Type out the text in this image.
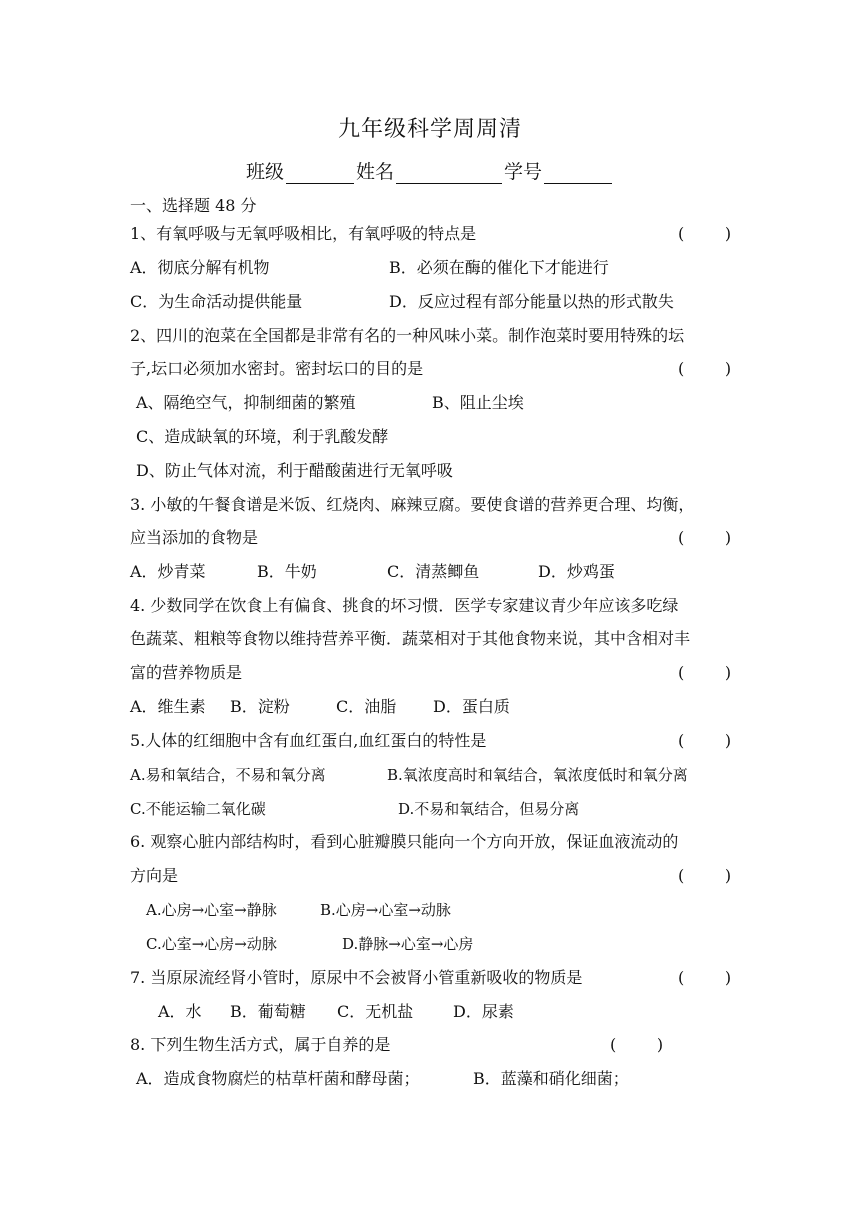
九年级科学周周清
班级	姓名	学号
一、选择题 48 分
1、有氧呼吸与无氧呼吸相比，有氧呼吸的特点是	(        )
A．彻底分解有机物	B．必须在酶的催化下才能进行
C．为生命活动提供能量	D．反应过程有部分能量以热的形式散失
2、四川的泡菜在全国都是非常有名的一种风味小菜。制作泡菜时要用特殊的坛
子,坛口必须加水密封。密封坛口的目的是	(        )
A、隔绝空气，抑制细菌的繁殖	B、阻止尘埃
C、造成缺氧的环境，利于乳酸发酵
D、防止气体对流，利于醋酸菌进行无氧呼吸
3. 小敏的午餐食谱是米饭、红烧肉、麻辣豆腐。要使食谱的营养更合理、均衡，
应当添加的食物是	(        )
A．炒青菜	B．牛奶	C．清蒸鲫鱼	D．炒鸡蛋
4. 少数同学在饮食上有偏食、挑食的坏习惯．医学专家建议青少年应该多吃绿
色蔬菜、粗粮等食物以维持营养平衡．蔬菜相对于其他食物来说，其中含相对丰
富的营养物质是	(        )
A．维生素 B．淀粉	C．油脂 D．蛋白质
5.人体的红细胞中含有血红蛋白,血红蛋白的特性是	(        )
A.易和氧结合，不易和氧分离	B.氧浓度高时和氧结合，氧浓度低时和氧分离
C.不能运输二氧化碳	D.不易和氧结合，但易分离
6. 观察心脏内部结构时，看到心脏瓣膜只能向一个方向开放，保证血液流动的
方向是	(        )
A.心房→心室→静脉	B.心房→心室→动脉
C.心室→心房→动脉	D.静脉→心室→心房
7. 当原尿流经肾小管时，原尿中不会被肾小管重新吸收的物质是	(        )
A．水 B．葡萄糖 C．无机盐 D．尿素
8. 下列生物生活方式，属于自养的是	(        )
A．造成食物腐烂的枯草杆菌和酵母菌；	B．蓝藻和硝化细菌；
